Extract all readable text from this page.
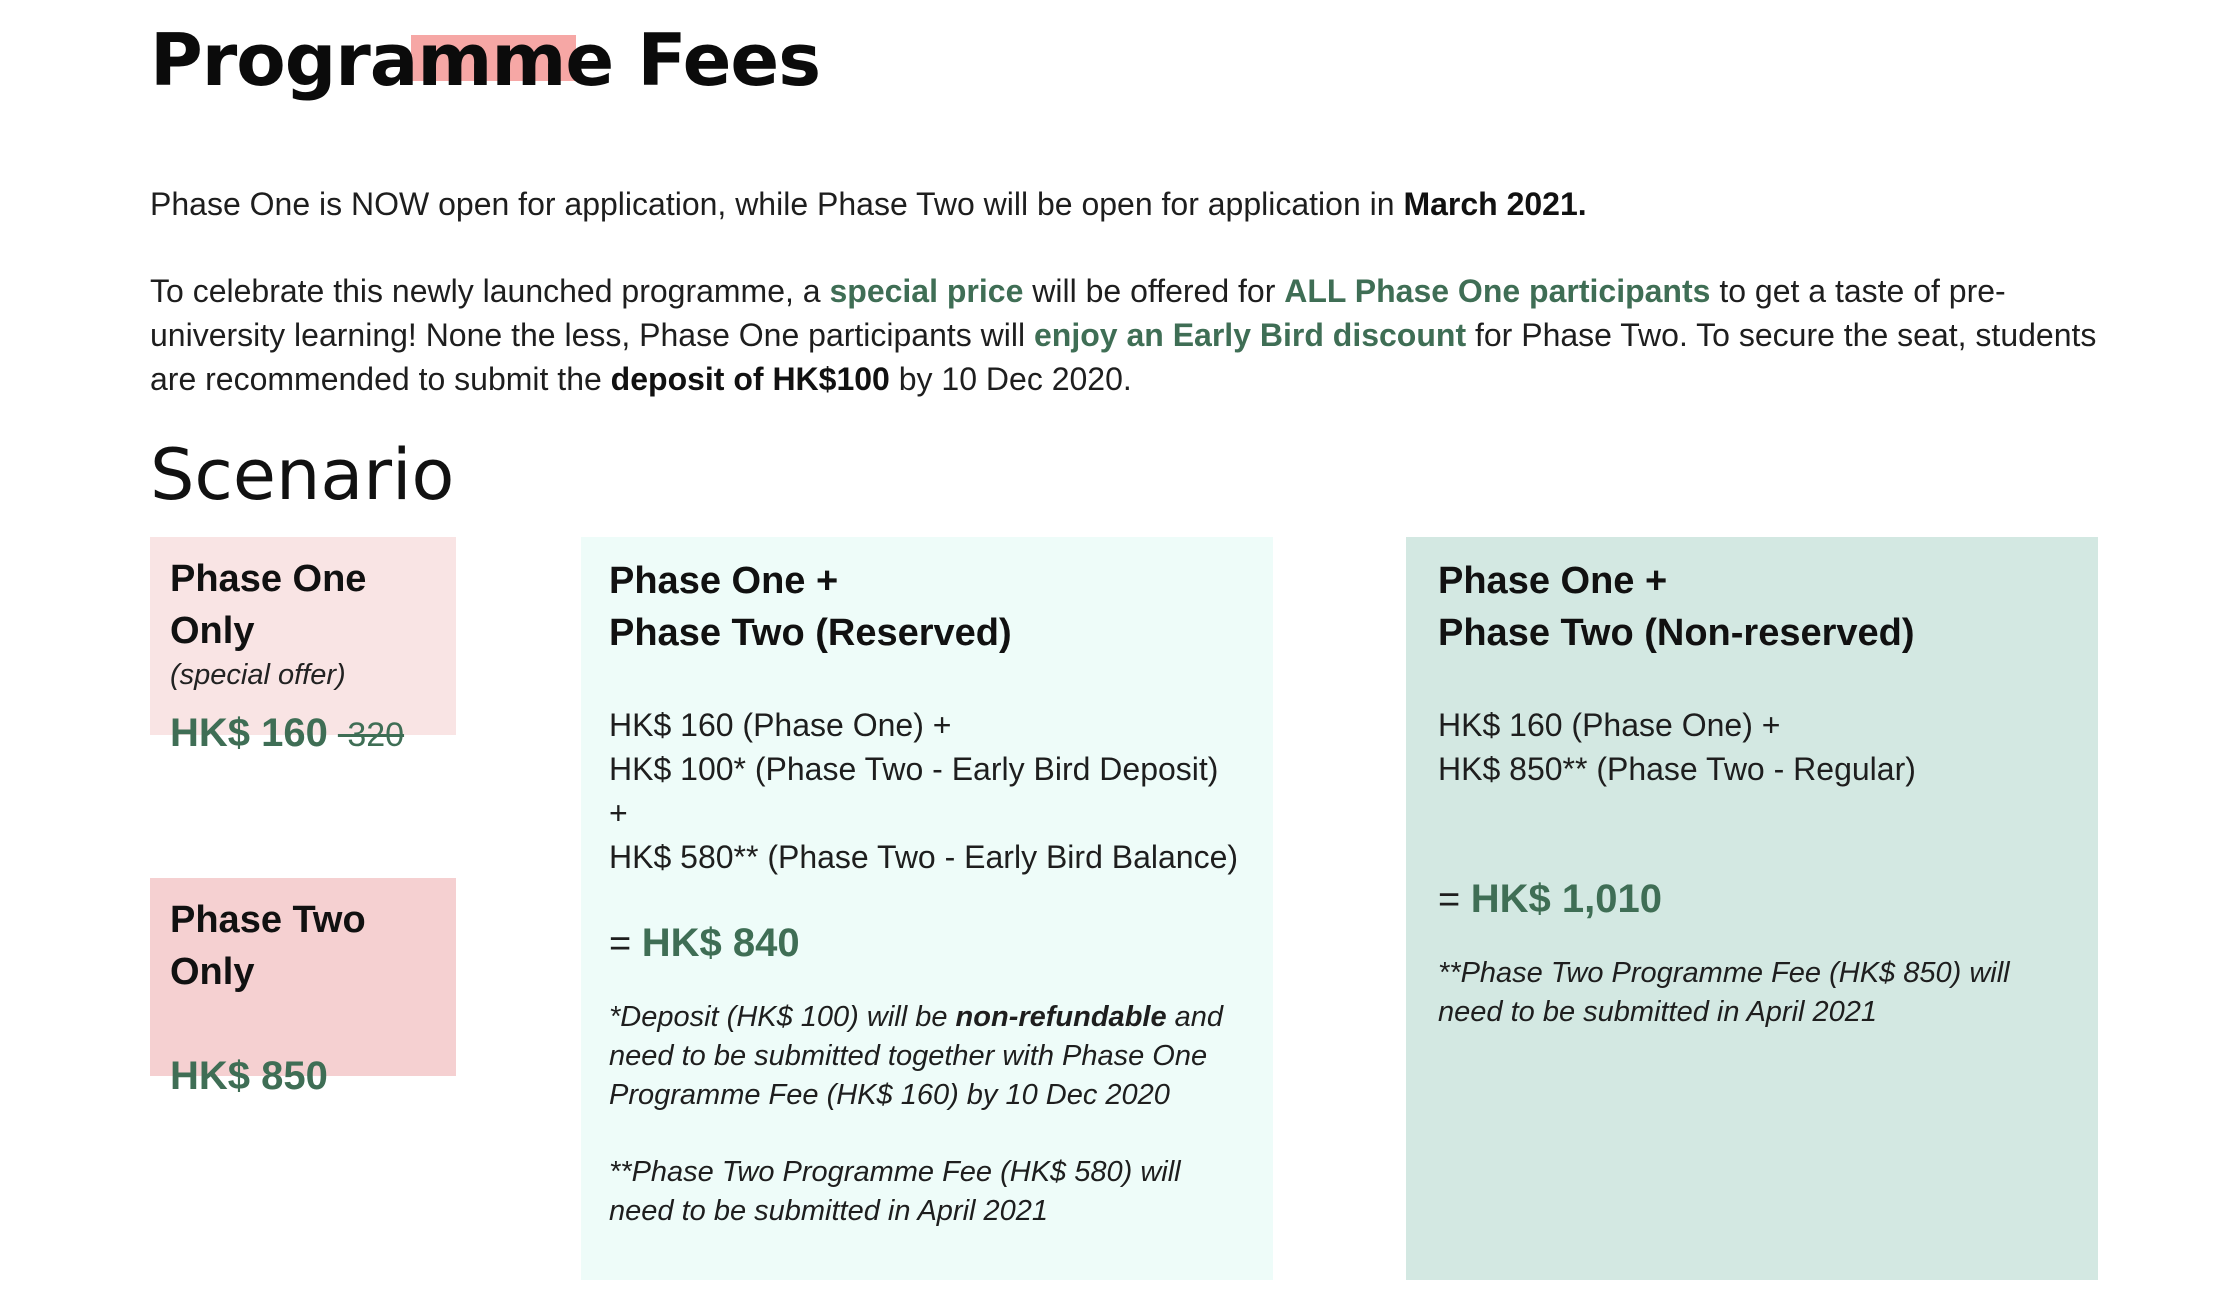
Programme Fees

Phase One is NOW open for application, while Phase Two will be open for application in March 2021.

To celebrate this newly launched programme, a special price will be offered for ALL Phase One participants to get a taste of pre-university learning! None the less, Phase One participants will enjoy an Early Bird discount for Phase Two. To secure the seat, students are recommended to submit the deposit of HK$100 by 10 Dec 2020.

Scenario

Phase One Only

(special offer)

HK$ 160 320

Phase Two Only

HK$ 850

Phase One +

Phase Two (Reserved)

HK$ 160 (Phase One) +
HK$ 100* (Phase Two - Early Bird Deposit) +
HK$ 580** (Phase Two - Early Bird Balance)

= HK$ 840

*Deposit (HK$ 100) will be non-refundable and need to be submitted together with Phase One Programme Fee (HK$ 160) by 10 Dec 2020

**Phase Two Programme Fee (HK$ 580) will need to be submitted in April 2021

Phase One +

Phase Two (Non-reserved)

HK$ 160 (Phase One) +
HK$ 850** (Phase Two - Regular)

= HK$ 1,010

**Phase Two Programme Fee (HK$ 850) will need to be submitted in April 2021
